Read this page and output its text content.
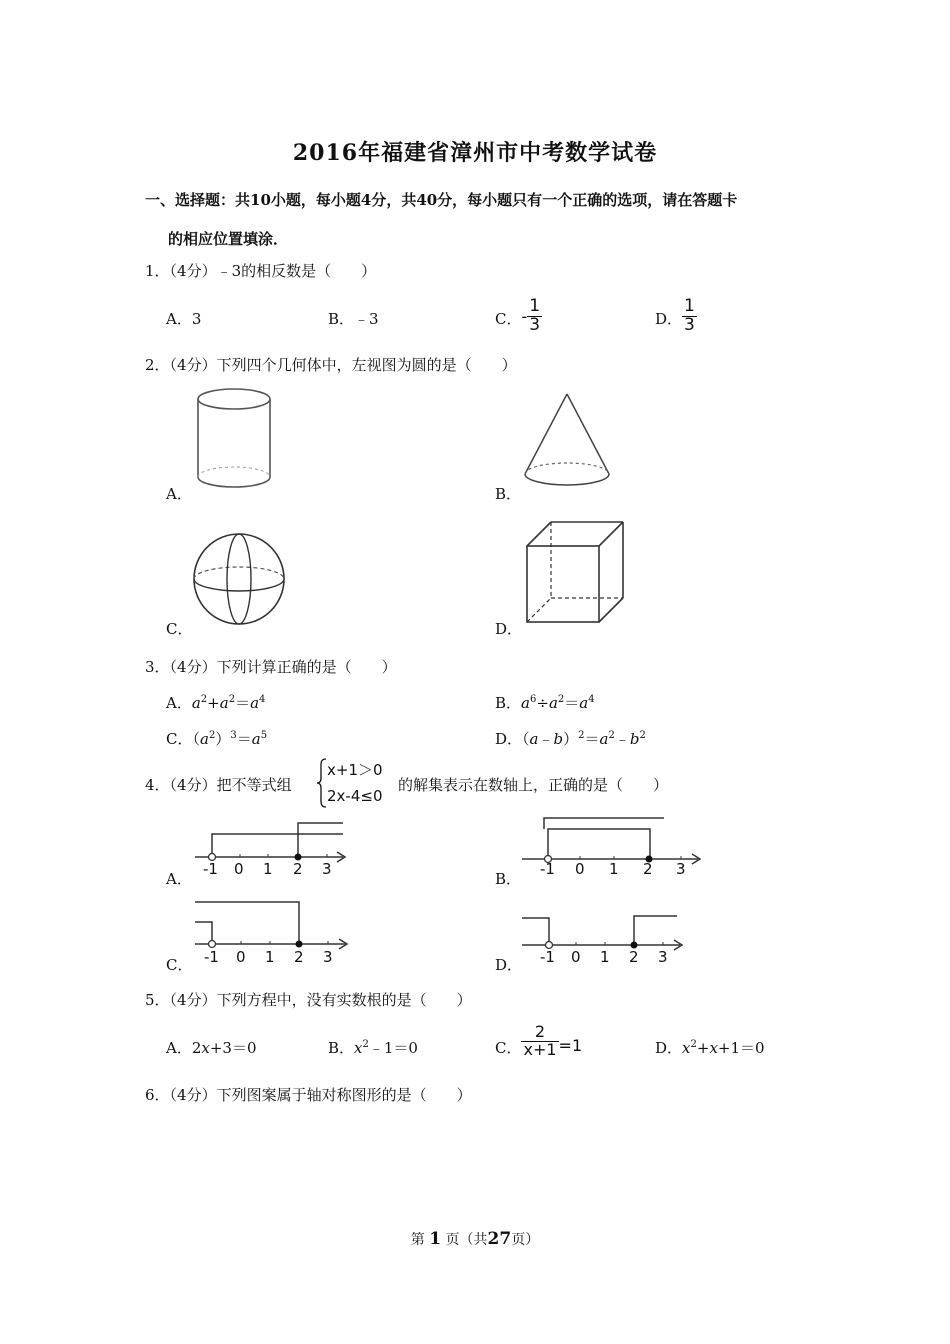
2016年福建省漳州市中考数学试卷
一、选择题：共10小题，每小题4分，共40分，每小题只有一个正确的选项，请在答题卡
的相应位置填涂．
1．（4分）﹣3的相反数是（　　）
A．3	B．﹣3	C．- $\frac{1}{3}$	D． $\frac{1}{3}$
2．（4分）下列四个几何体中，左视图为圆的是（　　）
A．	B．
C．	D．
3．（4分）下列计算正确的是（　　）
A．$a^2+a^2=a^4$	B．$a^6\div a^2=a^4$
C．$(a^2)^3=a^5$	D．$(a﹣b)^2=a^2﹣b^2$
4．（4分）把不等式组
x+1＞0
2x-4≤0
的解集表示在数轴上，正确的是（　　）
A．	B．
C．	D．
-1 0 1 2 3	-1 0 1 2 3
-1 0 1 2 3	-1 0 1 2 3
5．（4分）下列方程中，没有实数根的是（　　）
A．2x+3＝0	B．$x^2﹣1=0$	C． $\frac{2}{x+1} =1$	D．$x^2+x+1=0$
6．（4分）下列图案属于轴对称图形的是（　　）
第 1 页（共27页）
